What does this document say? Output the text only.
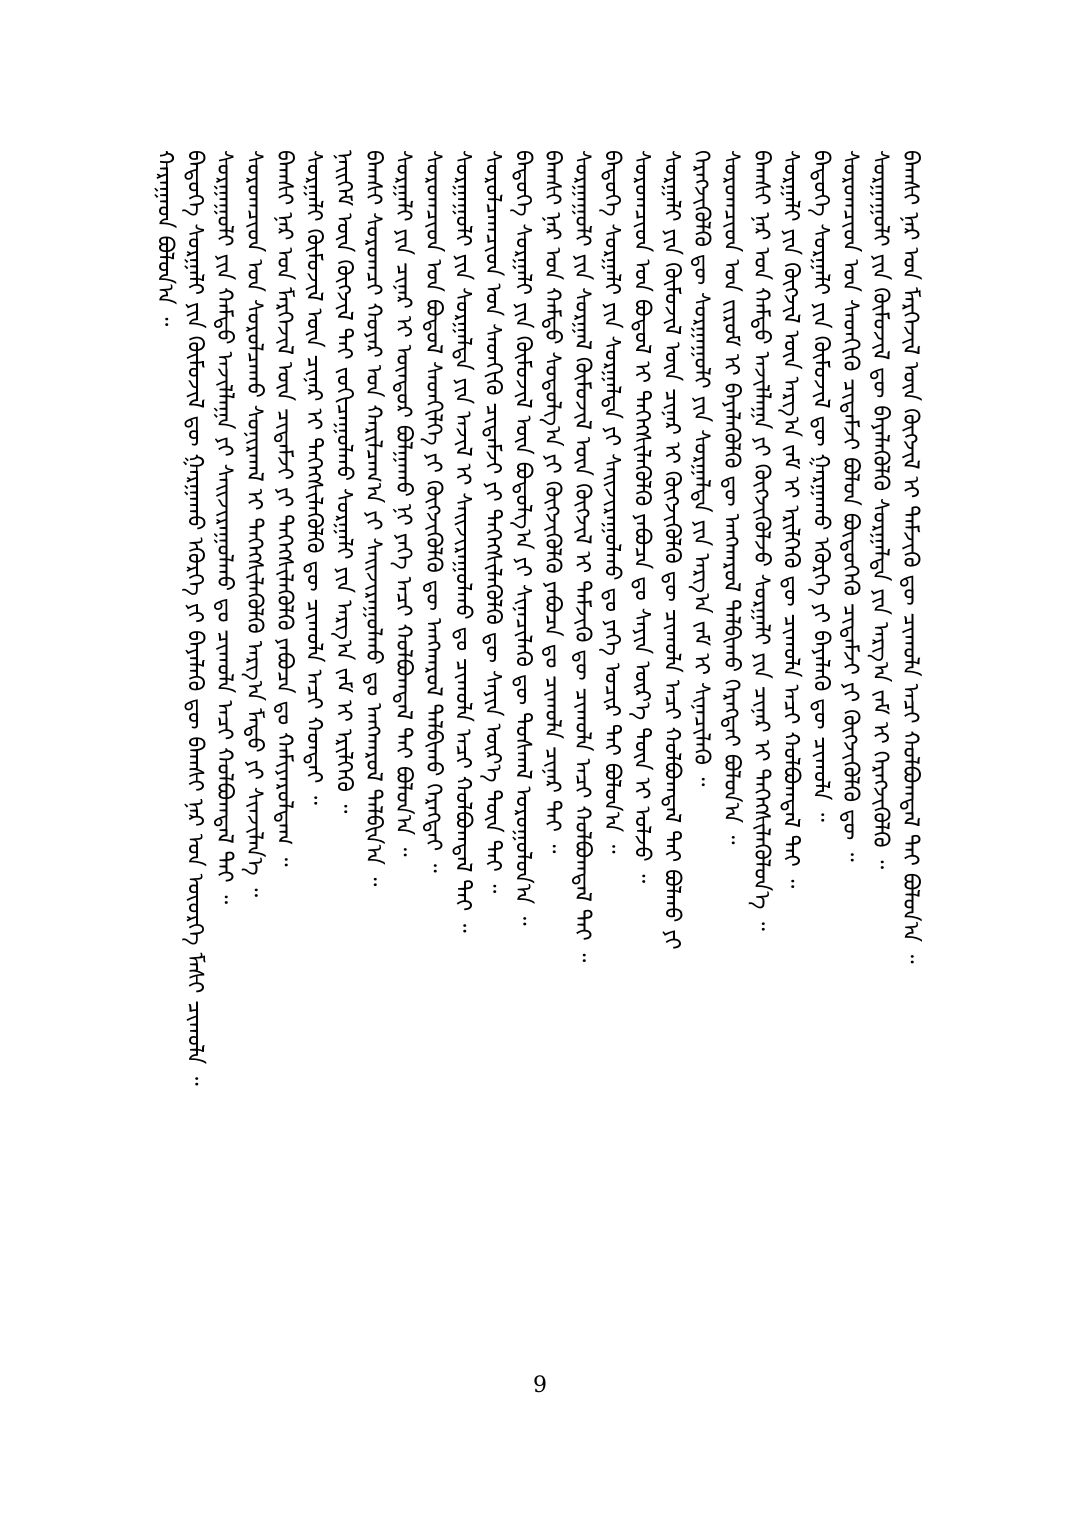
ᠬᠠᠷᠠᠭᠠᠳ ᠪᠣᠯᠤᠨ᠎ᠠ ᠃ ᠪᠡᠳᠦᠬᠡ ᠰᠤᠷᠭᠠᠯᠢ ᠶᠢᠨ ᠬᠦᠮᠦᠵᠢᠯ ᠳᠦ ᠭᠠᠷᠭᠠᠬᠤ ᠡᠭᠦᠷᠭᠡ ᠶᠢ ᠪᠡᠶᠡᠯᠡᠬᠦ ᠳᠦ ᠪᠠᠭᠰᠢ ᠨᠠᠷ ᠤᠨ ᠦᠦᠷᠭᠡ ᠮᠠᠰᠢ ᠴᠢᠬᠤᠯᠠ ᠃ ᠰᠤᠷᠭᠠᠭᠤᠯᠢ ᠶᠢᠨ ᠬᠠᠮᠲᠤ ᠠᠵᠢᠯᠯᠠᠭᠠ ᠶᠢ ᠰᠠᠢᠵᠢᠷᠠᠭᠤᠯᠬᠤ ᠳᠤ ᠴᠢᠬᠤᠯᠠ ᠠᠴᠢ ᠬᠤᠯᠪᠤᠭᠳᠠᠯ ᠲᠠᠢ ᠃ ᠰᠤᠷᠤᠭᠴᠢᠳ ᠤᠨ ᠰᠤᠷᠤᠯᠴᠠᠬᠤ ᠰᠣᠨᠢᠷᠬᠠᠯ ᠢ ᠳᠡᠭᠡᠭᠰᠢᠯᠡᠭᠦᠯᠬᠦ ᠠᠷᠭ᠎ᠠ ᠮᠡᠲᠦ ᠶᠢ ᠰᠢᠨᠵᠢᠯᠡᠨ᠎ᠡ ᠃ ᠪᠠᠭᠰᠢ ᠨᠠᠷ ᠤᠨ ᠮᠡᠷᠭᠡᠵᠢᠯ ᠦᠨ ᠴᠢᠳᠠᠮᠵᠢ ᠶᠢ ᠳᠡᠭᠡᠭᠰᠢᠯᠡᠭᠦᠯᠬᠦ ᠶᠠᠪᠤᠴᠠ ᠳᠤ ᠬᠠᠮᠢᠶᠠᠷᠤᠯᠳᠠᠭ ᠃ ᠰᠤᠷᠭᠠᠯᠢ ᠬᠦᠮᠦᠵᠢᠯ ᠦᠨ ᠴᠢᠨᠠᠷ ᠢ ᠳᠡᠭᠡᠭᠰᠢᠯᠡᠭᠦᠯᠬᠦ ᠳᠦ ᠴᠢᠬᠤᠯᠠ ᠠᠴᠢ ᠬᠤᠨᠳᠠᠢ ᠃ ᠨᠡᠢᠭᠡᠮ ᠦᠨ ᠬᠦᠭᠵᠢᠯ ᠲᠡᠢ ᠵᠣᠬᠢᠴᠠᠭᠤᠯᠬᠤ ᠰᠤᠷᠭᠠᠯᠢ ᠶᠢᠨ ᠠᠷᠭ᠎ᠠ ᠵᠠᠮ ᠢ ᠡᠷᠢᠯᠬᠡᠬᠦ ᠃ ᠪᠠᠭᠰᠢ ᠰᠤᠷᠤᠭᠴᠢ ᠬᠣᠶᠠᠷ ᠤᠨ ᠬᠠᠷᠢᠯᠴᠠᠭ᠎ᠠ ᠶᠢ ᠰᠠᠢᠵᠢᠷᠠᠭᠤᠯᠬᠤ ᠳᠤ ᠠᠨᠭᠬᠠᠷᠤᠯ ᠲᠠᠯᠪᠢᠨ᠎ᠠ ᠃ ᠰᠤᠷᠭᠠᠯᠢ ᠶᠢᠨ ᠴᠢᠨᠠᠷ ᠢ ᠥᠨᠳᠦᠷ ᠪᠣᠯᠭᠠᠬᠤ ᠨᠢ ᠶᠡᠬᠡ ᠠᠴᠢ ᠬᠤᠯᠪᠤᠭᠳᠠᠯ ᠲᠠᠢ ᠪᠣᠯᠤᠨ᠎ᠠ ᠃ ᠰᠤᠷᠤᠭᠴᠢᠳ ᠤᠨ ᠪᠣᠳᠤᠯ ᠰᠡᠳᠬᠢᠯᠭᠡ ᠶᠢ ᠬᠥᠭᠵᠢᠭᠦᠯᠬᠦ ᠳᠦ ᠠᠨᠭᠬᠠᠷᠤᠯ ᠲᠠᠯᠪᠢᠬᠤ ᠬᠡᠷᠡᠭᠲᠡᠢ ᠃ ᠰᠤᠷᠭᠠᠭᠤᠯᠢ ᠶᠢᠨ ᠰᠤᠷᠭᠠᠯᠲᠠ ᠶᠢᠨ ᠠᠵᠢᠯ ᠢ ᠰᠠᠢᠵᠢᠷᠠᠭᠤᠯᠬᠤ ᠳᠤ ᠴᠢᠬᠤᠯᠠ ᠠᠴᠢ ᠬᠤᠯᠪᠤᠭᠳᠠᠯ ᠲᠠᠢ ᠃ ᠰᠤᠷᠤᠯᠴᠠᠭᠴᠢᠳ ᠤᠨ ᠰᠡᠳᠬᠢᠬᠦ ᠴᠢᠳᠠᠮᠵᠢ ᠶᠢ ᠳᠡᠭᠡᠭᠰᠢᠯᠡᠭᠦᠯᠬᠦ ᠳᠦ ᠰᠠᠶᠢᠨ ᠦᠷ᠎ᠡ ᠳᠦᠨ ᠲᠠᠢ ᠃ ᠪᠡᠳᠦᠬᠡ ᠰᠤᠷᠭᠠᠯᠢ ᠶᠢᠨ ᠬᠦᠮᠦᠵᠢᠯ ᠦᠨ ᠪᠣᠳᠤᠯᠭ᠎ᠠ ᠶᠢ ᠰᠢᠨᠡᠴᠢᠯᠡᠬᠦ ᠳᠦ ᠳᠤᠰᠬᠠᠯ ᠣᠷᠣᠭᠤᠯᠤᠨ᠎ᠠ ᠃ ᠪᠠᠭᠰᠢ ᠨᠠᠷ ᠤᠨ ᠬᠠᠮᠲᠤ ᠰᠤᠳᠤᠯᠭ᠎ᠠ ᠶᠢ ᠬᠥᠭᠵᠢᠭᠦᠯᠬᠦ ᠶᠠᠪᠤᠴᠠ ᠳᠤ ᠴᠢᠬᠤᠯᠠ ᠴᠢᠨᠠᠷ ᠲᠠᠢ ᠃ ᠰᠤᠷᠭᠠᠭᠤᠯᠢ ᠶᠢᠨ ᠰᠤᠷᠭᠠᠯ ᠬᠥᠮᠦᠵᠢᠯ ᠦᠨ ᠬᠥᠭᠵᠢᠯ ᠢ ᠳᠡᠮᠵᠢᠬᠦ ᠳᠦ ᠴᠢᠬᠤᠯᠠ ᠠᠴᠢ ᠬᠤᠯᠪᠤᠭᠳᠠᠯ ᠲᠠᠢ ᠃ ᠪᠡᠳᠦᠬᠡ ᠰᠤᠷᠭᠠᠯᠢ ᠶᠢᠨ ᠰᠤᠷᠭᠠᠯᠲᠠ ᠶᠢ ᠰᠠᠢᠵᠢᠷᠠᠭᠤᠯᠬᠤ ᠳᠤ ᠶᠡᠬᠡ ᠤᠴᠢᠷ ᠲᠠᠢ ᠪᠣᠯᠤᠨ᠎ᠠ ᠃ ᠰᠤᠷᠤᠭᠴᠢᠳ ᠤᠨ ᠪᠣᠳᠤᠯ ᠢ ᠳᠡᠭᠡᠭᠰᠢᠯᠡᠭᠦᠯᠬᠦ ᠶᠠᠪᠤᠴᠠ ᠳᠤ ᠰᠠᠶᠢᠨ ᠦᠷ᠎ᠡ ᠳᠦᠨ ᠢ ᠣᠯᠵᠤ ᠃ ᠰᠤᠷᠭᠠᠯᠢ ᠶᠢᠨ ᠬᠦᠮᠦᠵᠢᠯ ᠦᠨ ᠴᠢᠨᠠᠷ ᠢ ᠬᠥᠭᠵᠢᠭᠦᠯᠬᠦ ᠳᠦ ᠴᠢᠬᠤᠯᠠ ᠠᠴᠢ ᠬᠤᠯᠪᠤᠭᠳᠠᠯ ᠲᠠᠢ ᠪᠣᠯᠬᠤ ᠶᠢ ᠬᠡᠷᠡᠭᠵᠢᠭᠦᠯᠬᠦ ᠳᠦ ᠰᠤᠷᠭᠠᠭᠤᠯᠢ ᠶᠢᠨ ᠰᠤᠷᠭᠠᠯᠲᠠ ᠶᠢᠨ ᠠᠷᠭ᠎ᠠ ᠵᠠᠮ ᠢ ᠰᠢᠨᠡᠴᠢᠯᠡᠬᠦ ᠃ ᠰᠤᠷᠤᠭᠴᠢᠳ ᠤᠨ ᠵᠢᠷᠤᠮ ᠢ ᠪᠡᠶᠡᠯᠡᠭᠦᠯᠬᠦ ᠳᠦ ᠠᠨᠭᠬᠠᠷᠤᠯ ᠲᠠᠯᠪᠢᠬᠤ ᠬᠡᠷᠡᠭᠲᠡᠢ ᠪᠣᠯᠤᠨ᠎ᠠ ᠃ ᠪᠠᠭᠰᠢ ᠨᠠᠷ ᠤᠨ ᠬᠠᠮᠲᠤ ᠠᠵᠢᠯᠯᠠᠭᠠ ᠶᠢ ᠬᠥᠭᠵᠢᠭᠦᠯᠵᠦ ᠰᠤᠷᠭᠠᠯᠢ ᠶᠢᠨ ᠴᠢᠨᠠᠷ ᠢ ᠳᠡᠭᠡᠭᠰᠢᠯᠡᠭᠦᠯᠦᠨ᠎ᠡ ᠃ ᠰᠤᠷᠭᠠᠯᠢ ᠶᠢᠨ ᠬᠥᠭᠵᠢᠯ ᠦᠨ ᠠᠷᠭ᠎ᠠ ᠵᠠᠮ ᠢ ᠡᠷᠢᠯᠬᠡᠬᠦ ᠳᠦ ᠴᠢᠬᠤᠯᠠ ᠠᠴᠢ ᠬᠤᠯᠪᠤᠭᠳᠠᠯ ᠲᠠᠢ ᠃ ᠪᠡᠳᠦᠬᠡ ᠰᠤᠷᠭᠠᠯᠢ ᠶᠢᠨ ᠬᠦᠮᠦᠵᠢᠯ ᠳᠦ ᠭᠠᠷᠭᠠᠬᠤ ᠡᠭᠦᠷᠭᠡ ᠶᠢ ᠪᠡᠶᠡᠯᠡᠬᠦ ᠳᠦ ᠴᠢᠬᠤᠯᠠ ᠃ ᠰᠤᠷᠤᠭᠴᠢᠳ ᠤᠨ ᠰᠡᠳᠬᠢᠬᠦ ᠴᠢᠳᠠᠮᠵᠢ ᠪᠣᠯᠤᠨ ᠪᠦᠲᠦᠭᠡᠬᠦ ᠴᠢᠳᠠᠮᠵᠢ ᠶᠢ ᠬᠥᠭᠵᠢᠭᠦᠯᠬᠦ ᠳᠦ ᠃ ᠰᠤᠷᠭᠠᠭᠤᠯᠢ ᠶᠢᠨ ᠬᠦᠮᠦᠵᠢᠯ ᠳᠦ ᠪᠡᠶᠡᠯᠡᠭᠦᠯᠬᠦ ᠰᠤᠷᠭᠠᠯᠲᠠ ᠶᠢᠨ ᠠᠷᠭ᠎ᠠ ᠵᠠᠮ ᠢ ᠬᠡᠷᠡᠭᠵᠢᠭᠦᠯᠬᠦ ᠃ ᠪᠠᠭᠰᠢ ᠨᠠᠷ ᠤᠨ ᠮᠡᠷᠭᠡᠵᠢᠯ ᠦᠨ ᠬᠥᠭᠵᠢᠯ ᠢ ᠳᠡᠮᠵᠢᠬᠦ ᠳᠦ ᠴᠢᠬᠤᠯᠠ ᠠᠴᠢ ᠬᠤᠯᠪᠤᠭᠳᠠᠯ ᠲᠠᠢ ᠪᠣᠯᠤᠨ᠎ᠠ ᠃
9
